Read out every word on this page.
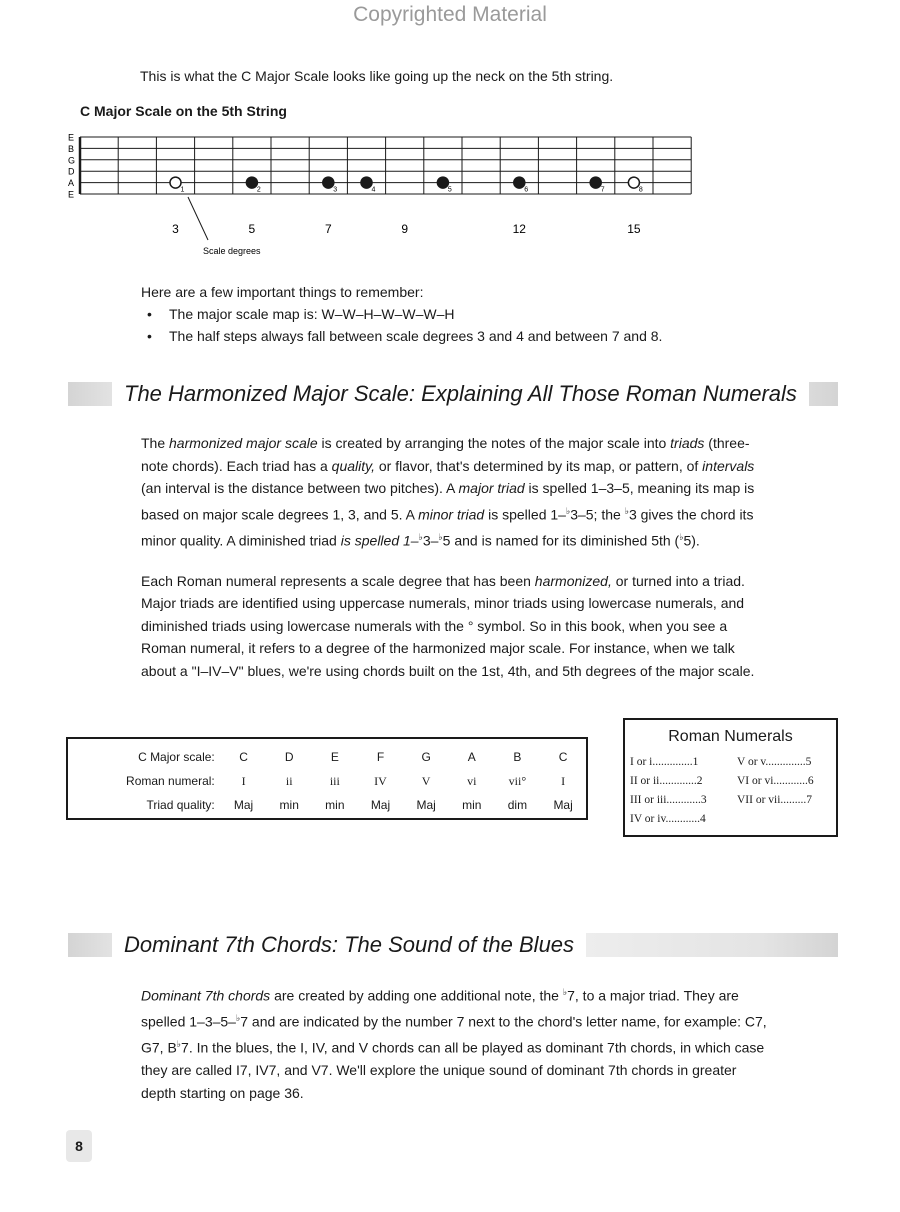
Copyrighted Material
This is what the C Major Scale looks like going up the neck on the 5th string.
C Major Scale on the 5th String
E
B
G
D
A
E	1	2	3	4	5	6	7	8
3	5	7	9	12	15
Scale degrees
Here are a few important things to remember:
• The major scale map is: W–W–H–W–W–W–H
• The half steps always fall between scale degrees 3 and 4 and between 7 and 8.
The Harmonized Major Scale: Explaining All Those Roman Numerals

The harmonized major scale is created by arranging the notes of the major scale into triads (three-note chords). Each triad has a quality, or flavor, that's determined by its map, or pattern, of intervals (an interval is the distance between two pitches). A major triad is spelled 1–3–5, meaning its map is based on major scale degrees 1, 3, and 5. A minor triad is spelled 1–♭3–5; the ♭3 gives the chord its minor quality. A diminished triad is spelled 1–♭3–♭5 and is named for its diminished 5th (♭5).

Each Roman numeral represents a scale degree that has been harmonized, or turned into a triad. Major triads are identified using uppercase numerals, minor triads using lowercase numerals, and diminished triads using lowercase numerals with the ° symbol. So in this book, when you see a Roman numeral, it refers to a degree of the harmonized major scale. For instance, when we talk about a "I–IV–V" blues, we're using chords built on the 1st, 4th, and 5th degrees of the major scale.

C Major scale:	C	D	E	F	G	A	B	C
Roman numeral:	I	ii	iii	IV	V	vi	vii°	I
Triad quality:	Maj	min	min	Maj	Maj	min	dim	Maj
Roman Numerals
I or i..............1
II or ii.............2
III or iii............3
IV or iv............4
V or v..............5
VI or vi............6
VII or vii.........7
Dominant 7th Chords: The Sound of the Blues

Dominant 7th chords are created by adding one additional note, the ♭7, to a major triad. They are spelled 1–3–5–♭7 and are indicated by the number 7 next to the chord's letter name, for example: C7, G7, B♭7. In the blues, the I, IV, and V chords can all be played as dominant 7th chords, in which case they are called I7, IV7, and V7. We'll explore the unique sound of dominant 7th chords in greater depth starting on page 36.

8
